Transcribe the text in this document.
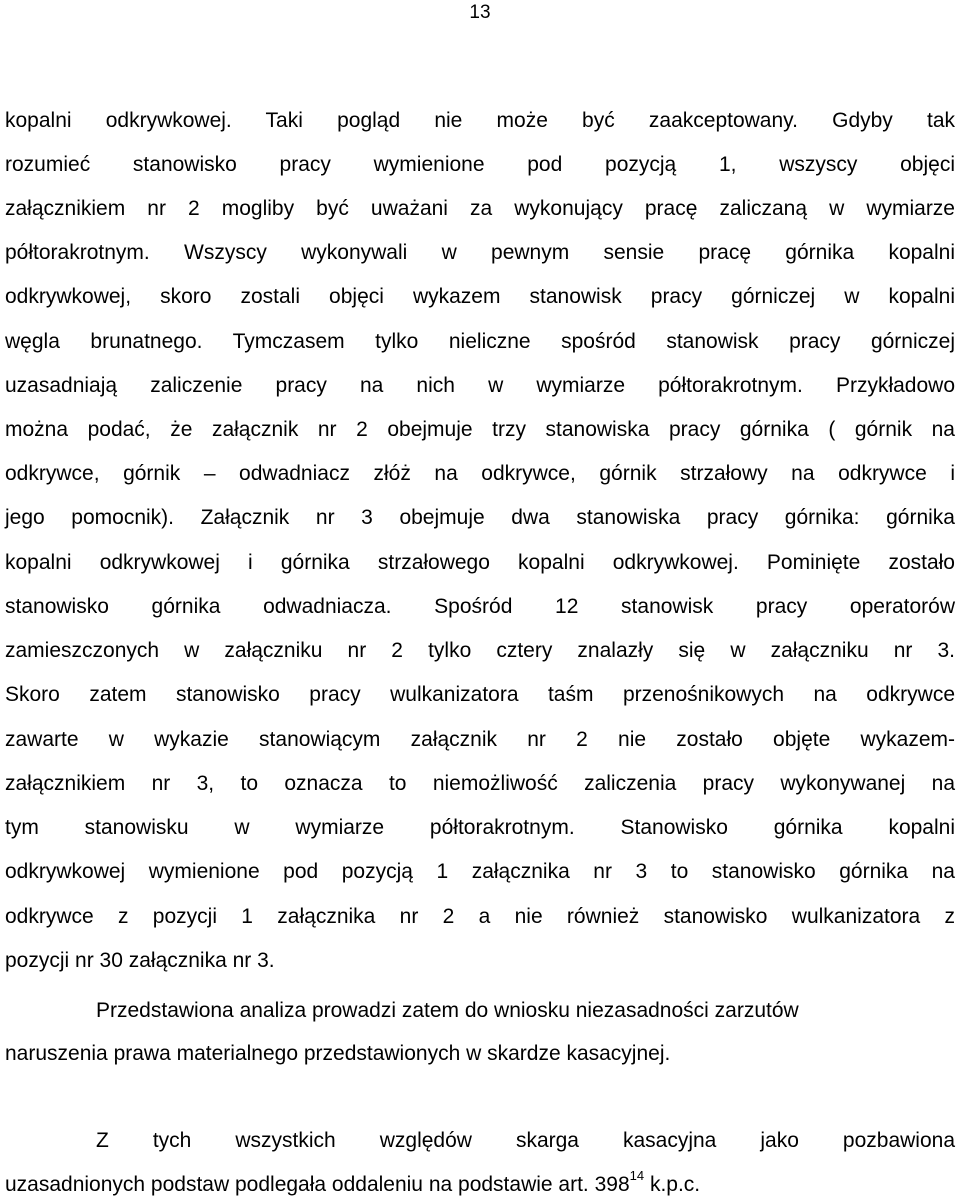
13
kopalni odkrywkowej. Taki pogląd nie może być zaakceptowany. Gdyby tak
rozumieć stanowisko pracy wymienione pod pozycją 1, wszyscy objęci
załącznikiem nr 2 mogliby być uważani za wykonujący pracę zaliczaną w wymiarze
półtorakrotnym. Wszyscy wykonywali w pewnym sensie pracę górnika kopalni
odkrywkowej, skoro zostali objęci wykazem stanowisk pracy górniczej w kopalni
węgla brunatnego. Tymczasem tylko nieliczne spośród stanowisk pracy górniczej
uzasadniają zaliczenie pracy na nich w wymiarze półtorakrotnym. Przykładowo
można podać, że załącznik nr 2 obejmuje trzy stanowiska pracy górnika ( górnik na
odkrywce, górnik – odwadniacz złóż na odkrywce, górnik strzałowy na odkrywce i
jego pomocnik). Załącznik nr 3 obejmuje dwa stanowiska pracy górnika: górnika
kopalni odkrywkowej i górnika strzałowego kopalni odkrywkowej. Pominięte zostało
stanowisko górnika odwadniacza. Spośród 12 stanowisk pracy operatorów
zamieszczonych w załączniku nr 2 tylko cztery znalazły się w załączniku nr 3.
Skoro zatem stanowisko pracy wulkanizatora taśm przenośnikowych na odkrywce
zawarte w wykazie stanowiącym załącznik nr 2 nie zostało objęte wykazem-
załącznikiem nr 3, to oznacza to niemożliwość zaliczenia pracy wykonywanej na
tym stanowisku w wymiarze półtorakrotnym. Stanowisko górnika kopalni
odkrywkowej wymienione pod pozycją 1 załącznika nr 3 to stanowisko górnika na
odkrywce z pozycji 1 załącznika nr 2 a nie również stanowisko wulkanizatora z
pozycji nr 30 załącznika nr 3.
Przedstawiona analiza prowadzi zatem do wniosku niezasadności zarzutów
naruszenia prawa materialnego przedstawionych w skardze kasacyjnej.
Z tych wszystkich względów skarga kasacyjna jako pozbawiona
uzasadnionych podstaw podlegała oddaleniu na podstawie art. $398^{14}$ k.p.c.
